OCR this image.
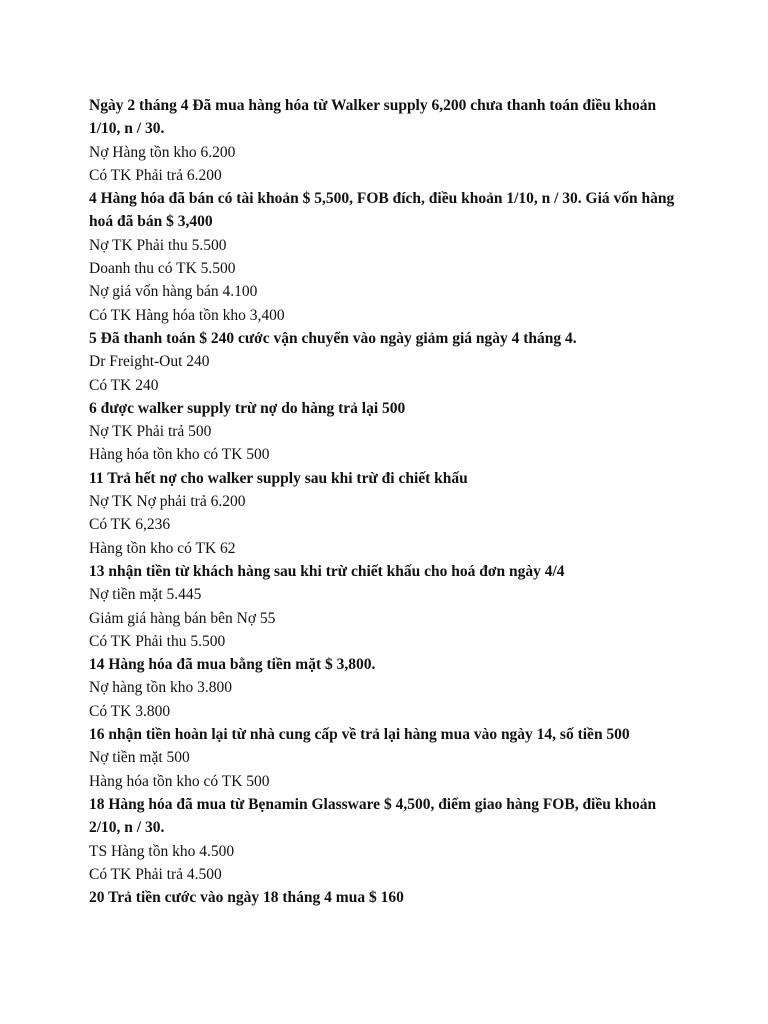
Ngày 2 tháng 4 Đã mua hàng hóa từ Walker supply 6,200 chưa thanh toán điều khoản 1/10, n / 30.

Nợ Hàng tồn kho 6.200

Có TK Phải trả 6.200

4 Hàng hóa đã bán có tài khoản $ 5,500, FOB đích, điều khoản 1/10, n / 30. Giá vốn hàng hoá đã bán $ 3,400

Nợ TK Phải thu 5.500

Doanh thu có TK 5.500

Nợ giá vốn hàng bán 4.100

Có TK Hàng hóa tồn kho 3,400

5 Đã thanh toán $ 240 cước vận chuyển vào ngày giảm giá ngày 4 tháng 4.

Dr Freight-Out 240

Có TK 240

6 được walker supply trừ nợ do hàng trả lại 500

Nợ TK Phải trả 500

Hàng hóa tồn kho có TK 500

11 Trả hết nợ cho walker supply sau khi trừ đi chiết khấu

Nợ TK Nợ phải trả 6.200

Có TK 6,236

Hàng tồn kho có TK 62

13 nhận tiền từ khách hàng sau khi trừ chiết khấu cho hoá đơn ngày 4/4

Nợ tiền mặt 5.445

Giảm giá hàng bán bên Nợ 55

Có TK Phải thu 5.500

14 Hàng hóa đã mua bằng tiền mặt $ 3,800.

Nợ hàng tồn kho 3.800

Có TK 3.800

16 nhận tiền hoàn lại từ nhà cung cấp về trả lại hàng mua vào ngày 14, số tiền 500

Nợ tiền mặt 500

Hàng hóa tồn kho có TK 500

18 Hàng hóa đã mua từ Bẹnamin Glassware $ 4,500, điểm giao hàng FOB, điều khoản 2/10, n / 30.

TS Hàng tồn kho 4.500

Có TK Phải trả 4.500

20 Trả tiền cước vào ngày 18 tháng 4 mua $ 160
